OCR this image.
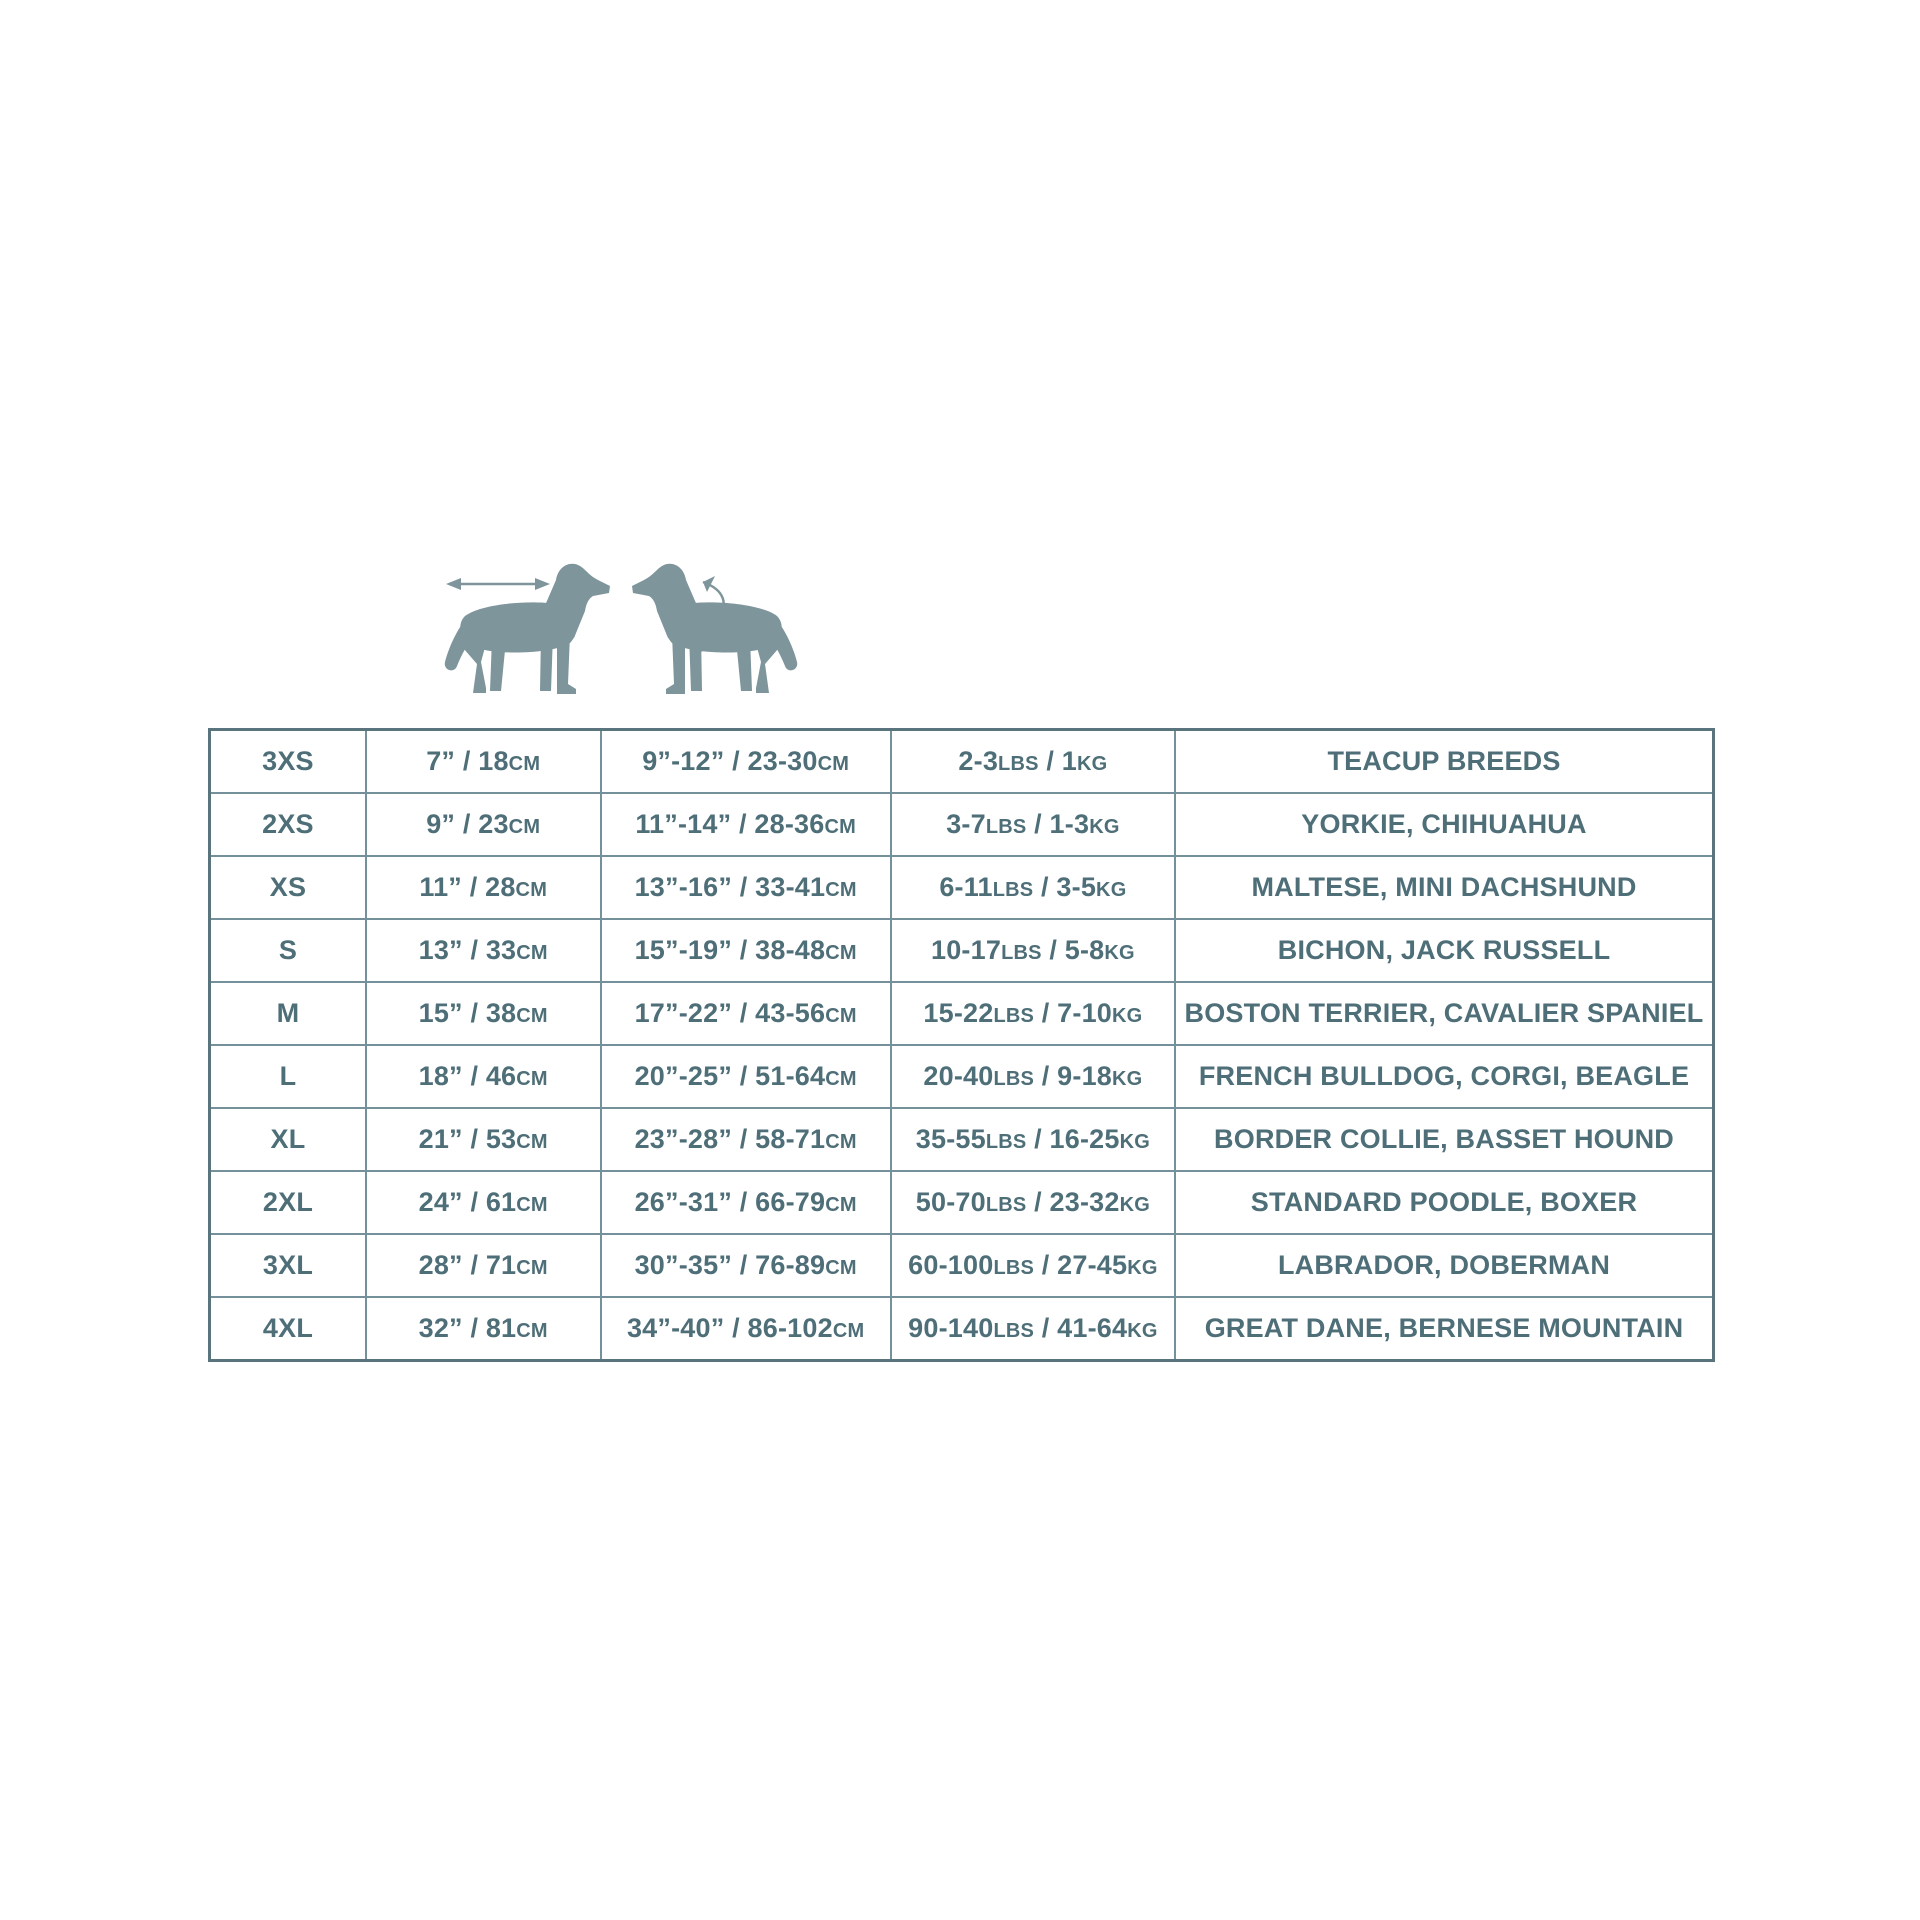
3XS	7” / 18CM	9”-12” / 23-30CM	2-3LBS / 1KG	TEACUP BREEDS
2XS	9” / 23CM	11”-14” / 28-36CM	3-7LBS / 1-3KG	YORKIE, CHIHUAHUA
XS	11” / 28CM	13”-16” / 33-41CM	6-11LBS / 3-5KG	MALTESE, MINI DACHSHUND
S	13” / 33CM	15”-19” / 38-48CM	10-17LBS / 5-8KG	BICHON, JACK RUSSELL
M	15” / 38CM	17”-22” / 43-56CM	15-22LBS / 7-10KG	BOSTON TERRIER, CAVALIER SPANIEL
L	18” / 46CM	20”-25” / 51-64CM	20-40LBS / 9-18KG	FRENCH BULLDOG, CORGI, BEAGLE
XL	21” / 53CM	23”-28” / 58-71CM	35-55LBS / 16-25KG	BORDER COLLIE, BASSET HOUND
2XL	24” / 61CM	26”-31” / 66-79CM	50-70LBS / 23-32KG	STANDARD POODLE, BOXER
3XL	28” / 71CM	30”-35” / 76-89CM	60-100LBS / 27-45KG	LABRADOR, DOBERMAN
4XL	32” / 81CM	34”-40” / 86-102CM	90-140LBS / 41-64KG	GREAT DANE, BERNESE MOUNTAIN
